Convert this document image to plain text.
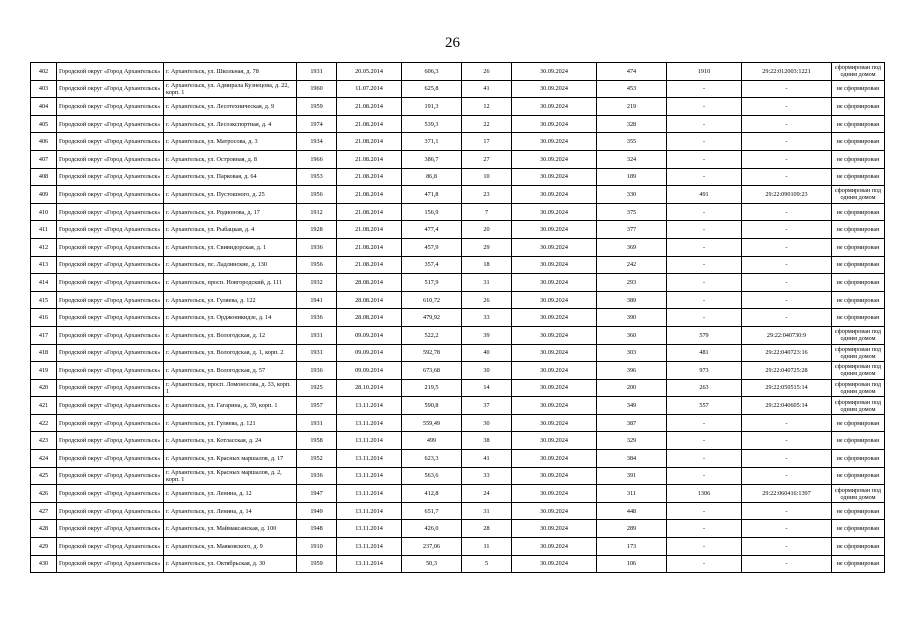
26
402	Городской округ «Город Архангельск»	г. Архангельск, ул. Школьная, д. 78	1931	20.05.2014	606,3	26	30.09.2024	474	1910	29:22:012003:1221	сформирован под одним домом
403	Городской округ «Город Архангельск»	г. Архангельск, ул. Адмирала Кузнецова, д. 22, корп. 1	1960	11.07.2014	625,8	41	30.09.2024	453	-	-	не сформирован
404	Городской округ «Город Архангельск»	г. Архангельск, ул. Лесотехническая, д. 9	1959	21.08.2014	191,3	12	30.09.2024	219	-	-	не сформирован
405	Городской округ «Город Архангельск»	г. Архангельск, ул. Лесоэкспортная, д. 4	1974	21.08.2014	539,3	22	30.09.2024	328	-	-	не сформирован
406	Городской округ «Город Архангельск»	г. Архангельск, ул. Матросова, д. 3	1934	21.08.2014	371,1	17	30.09.2024	355	-	-	не сформирован
407	Городской округ «Город Архангельск»	г. Архангельск, ул. Островная, д. 8	1966	21.08.2014	386,7	27	30.09.2024	324	-	-	не сформирован
408	Городской округ «Город Архангельск»	г. Архангельск, ул. Парковая, д. 64	1953	21.08.2014	86,8	10	30.09.2024	189	-	-	не сформирован
409	Городской округ «Город Архангельск»	г. Архангельск, ул. Пустошного, д. 25	1956	21.08.2014	471,8	23	30.09.2024	330	491	29:22:090109:23	сформирован под одним домом
410	Городской округ «Город Архангельск»	г. Архангельск, ул. Родионова, д. 17	1912	21.08.2014	156,9	7	30.09.2024	375	-	-	не сформирован
411	Городской округ «Город Архангельск»	г. Архангельск, ул. Рыбацкая, д. 4	1928	21.08.2014	477,4	20	30.09.2024	377	-	-	не сформирован
412	Городской округ «Город Архангельск»	г. Архангельск, ул. Свивидорская, д. 1	1936	21.08.2014	457,9	29	30.09.2024	369	-	-	не сформирован
413	Городской округ «Город Архангельск»	г. Архангельск, пс. Ладлинские, д. 130	1956	21.08.2014	357,4	18	30.09.2024	242	-	-	не сформирован
414	Городской округ «Город Архангельск»	г. Архангельск, просп. Новгородский, д. 111	1932	28.08.2014	517,9	31	30.09.2024	293	-	-	не сформирован
415	Городской округ «Город Архангельск»	г. Архангельск, ул. Гуляева, д. 122	1941	28.08.2014	610,72	26	30.09.2024	389	-	-	не сформирован
416	Городской округ «Город Архангельск»	г. Архангельск, ул. Орджоникидзе, д. 14	1936	28.08.2014	479,92	33	30.09.2024	390	-	-	не сформирован
417	Городской округ «Город Архангельск»	г. Архангельск, ул. Вологодская, д. 12	1931	09.09.2014	522,2	39	30.09.2024	360	579	29:22:040730:9	сформирован под одним домом
418	Городской округ «Город Архангельск»	г. Архангельск, ул. Вологодская, д. 1, корп. 2	1931	09.09.2014	592,78	40	30.09.2024	303	481	29:22:040723:16	сформирован под одним домом
419	Городской округ «Город Архангельск»	г. Архангельск, ул. Вологодская, д. 57	1936	09.09.2014	673,68	30	30.09.2024	396	973	29:22:040725:28	сформирован под одним домом
420	Городской округ «Город Архангельск»	г. Архангельск, просп. Ломоносова, д. 33, корп. 1	1925	28.10.2014	219,5	14	30.09.2024	200	263	29:22:050515:14	сформирован под одним домом
421	Городской округ «Город Архангельск»	г. Архангельск, ул. Гагарина, д. 39, корп. 1	1957	13.11.2014	590,8	37	30.09.2024	349	557	29:22:040605:14	сформирован под одним домом
422	Городской округ «Город Архангельск»	г. Архангельск, ул. Гуляева, д. 121	1931	13.11.2014	559,49	30	30.09.2024	387	-	-	не сформирован
423	Городской округ «Город Архангельск»	г. Архангельск, ул. Котласская, д. 24	1958	13.11.2014	499	38	30.09.2024	329	-	-	не сформирован
424	Городской округ «Город Архангельск»	г. Архангельск, ул. Красных маршалов, д. 17	1952	13.11.2014	623,3	41	30.09.2024	384	-	-	не сформирован
425	Городской округ «Город Архангельск»	г. Архангельск, ул. Красных маршалов, д. 2, корп. 1	1936	13.11.2014	563,6	33	30.09.2024	391	-	-	не сформирован
426	Городской округ «Город Архангельск»	г. Архангельск, ул. Ленина, д. 12	1947	13.11.2014	412,8	24	30.09.2024	311	1306	29:22:060416:1397	сформирован под одним домом
427	Городской округ «Город Архангельск»	г. Архангельск, ул. Ленина, д. 14	1949	13.11.2014	651,7	31	30.09.2024	448	-	-	не сформирован
428	Городской округ «Город Архангельск»	г. Архангельск, ул. Маймаксанская, д. 100	1948	13.11.2014	426,0	28	30.09.2024	289	-	-	не сформирован
429	Городской округ «Город Архангельск»	г. Архангельск, ул. Маяковского, д. 9	1910	13.11.2014	237,06	11	30.09.2024	173	-	-	не сформирован
430	Городской округ «Город Архангельск»	г. Архангельск, ул. Октябрьская, д. 30	1959	13.11.2014	50,3	5	30.09.2024	106	-	-	не сформирован
